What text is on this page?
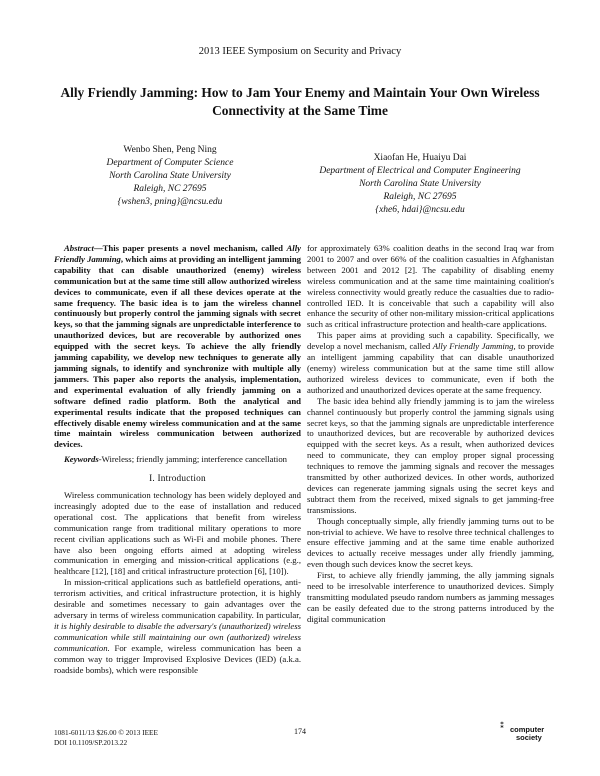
2013 IEEE Symposium on Security and Privacy
Ally Friendly Jamming: How to Jam Your Enemy and Maintain Your Own Wireless
Connectivity at the Same Time
Wenbo Shen, Peng Ning
Department of Computer Science
North Carolina State University
Raleigh, NC 27695
{wshen3, pning}@ncsu.edu
Xiaofan He, Huaiyu Dai
Department of Electrical and Computer Engineering
North Carolina State University
Raleigh, NC 27695
{xhe6, hdai}@ncsu.edu

Abstract—This paper presents a novel mechanism, called Ally Friendly Jamming, which aims at providing an intelligent jamming capability that can disable unauthorized (enemy) wireless communication but at the same time still allow authorized wireless devices to communicate, even if all these devices operate at the same frequency. The basic idea is to jam the wireless channel continuously but properly control the jamming signals with secret keys, so that the jamming signals are unpredictable interference to unauthorized devices, but are recoverable by authorized ones equipped with the secret keys. To achieve the ally friendly jamming capability, we develop new techniques to generate ally jamming signals, to identify and synchronize with multiple ally jammers. This paper also reports the analysis, implementation, and experimental evaluation of ally friendly jamming on a software defined radio platform. Both the analytical and experimental results indicate that the proposed techniques can effectively disable enemy wireless communication and at the same time maintain wireless communication between authorized devices.

Keywords-Wireless; friendly jamming; interference cancellation

I. Introduction

Wireless communication technology has been widely deployed and increasingly adopted due to the ease of installation and reduced operational cost. The applications that benefit from wireless communication range from traditional military operations to more recent civilian applications such as Wi-Fi and mobile phones. There have also been ongoing efforts aimed at adopting wireless communication in emerging and mission-critical applications (e.g., healthcare [12], [18] and critical infrastructure protection [6], [10]).

In mission-critical applications such as battlefield operations, anti-terrorism activities, and critical infrastructure protection, it is highly desirable and sometimes necessary to gain advantages over the adversary in terms of wireless communication capability. In particular, it is highly desirable to disable the adversary's (unauthorized) wireless communication while still maintaining our own (authorized) wireless communication. For example, wireless communication has been a common way to trigger Improvised Explosive Devices (IED) (a.k.a. roadside bombs), which were responsible

for approximately 63% coalition deaths in the second Iraq war from 2001 to 2007 and over 66% of the coalition casualties in Afghanistan between 2001 and 2012 [2]. The capability of disabling enemy wireless communication and at the same time maintaining coalition's wireless connectivity would greatly reduce the casualties due to radio-controlled IED. It is conceivable that such a capability will also enhance the security of other non-military mission-critical applications such as critical infrastructure protection and health-care applications.

This paper aims at providing such a capability. Specifically, we develop a novel mechanism, called Ally Friendly Jamming, to provide an intelligent jamming capability that can disable unauthorized (enemy) wireless communication but at the same time still allow authorized wireless devices to communicate, even if both the authorized and unauthorized devices operate at the same frequency.

The basic idea behind ally friendly jamming is to jam the wireless channel continuously but properly control the jamming signals using secret keys, so that the jamming signals are unpredictable interference to unauthorized devices, but are recoverable by authorized devices equipped with the secret keys. As a result, when authorized devices need to communicate, they can employ proper signal processing techniques to remove the jamming signals and recover the messages transmitted by other authorized devices. In other words, authorized devices can regenerate jamming signals using the secret keys and subtract them from the received, mixed signals to get jamming-free transmissions.

Though conceptually simple, ally friendly jamming turns out to be non-trivial to achieve. We have to resolve three technical challenges to ensure effective jamming and at the same time enable authorized devices to actually receive messages under ally friendly jamming, even though such devices know the secret keys.

First, to achieve ally friendly jamming, the ally jamming signals need to be irresolvable interference to unauthorized devices. Simply transmitting modulated pseudo random numbers as jamming messages can be easily defeated due to the strong patterns introduced by the digital communication

1081-6011/13 $26.00 © 2013 IEEE
DOI 10.1109/SP.2013.22
174
⁑ computer
society
